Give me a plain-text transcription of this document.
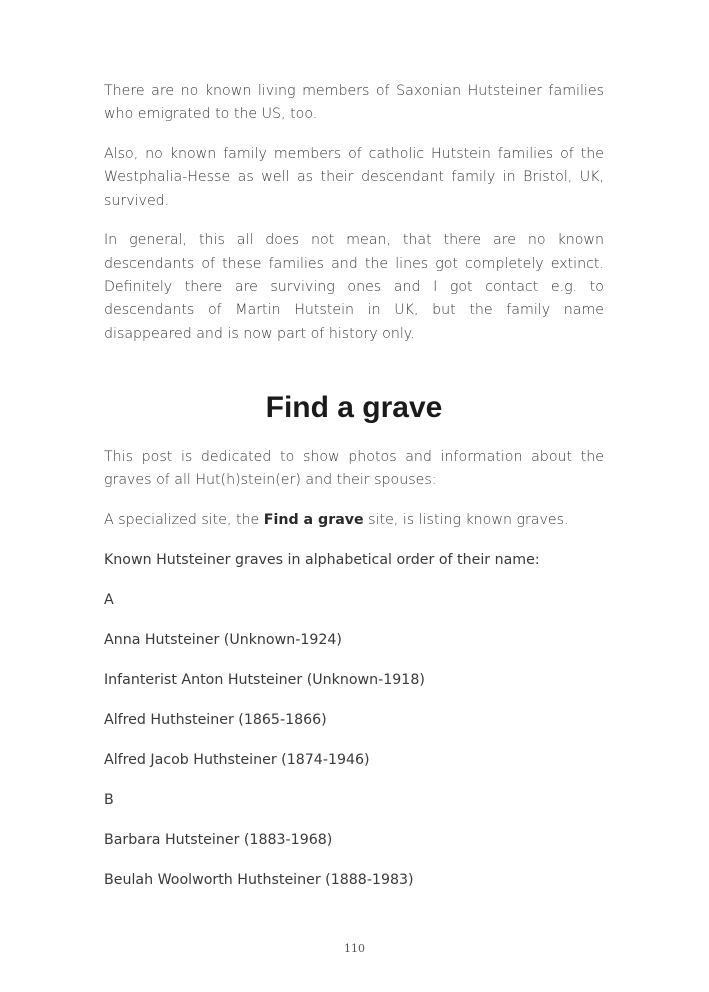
There are no known living members of Saxonian Hutsteiner families who emigrated to the US, too.

Also, no known family members of catholic Hutstein families of the Westphalia-Hesse as well as their descendant family in Bristol, UK, survived.

In general, this all does not mean, that there are no known descendants of these families and the lines got completely extinct. Definitely there are surviving ones and I got contact e.g. to descendants of Martin Hutstein in UK, but the family name disappeared and is now part of history only.

Find a grave

This post is dedicated to show photos and information about the graves of all Hut(h)stein(er) and their spouses:

A specialized site, the Find a grave site, is listing known graves.

Known Hutsteiner graves in alphabetical order of their name:
A
Anna Hutsteiner (Unknown-1924)
Infanterist Anton Hutsteiner (Unknown-1918)
Alfred Huthsteiner (1865-1866)
Alfred Jacob Huthsteiner (1874-1946)
B
Barbara Hutsteiner (1883-1968)
Beulah Woolworth Huthsteiner (1888-1983)
110
